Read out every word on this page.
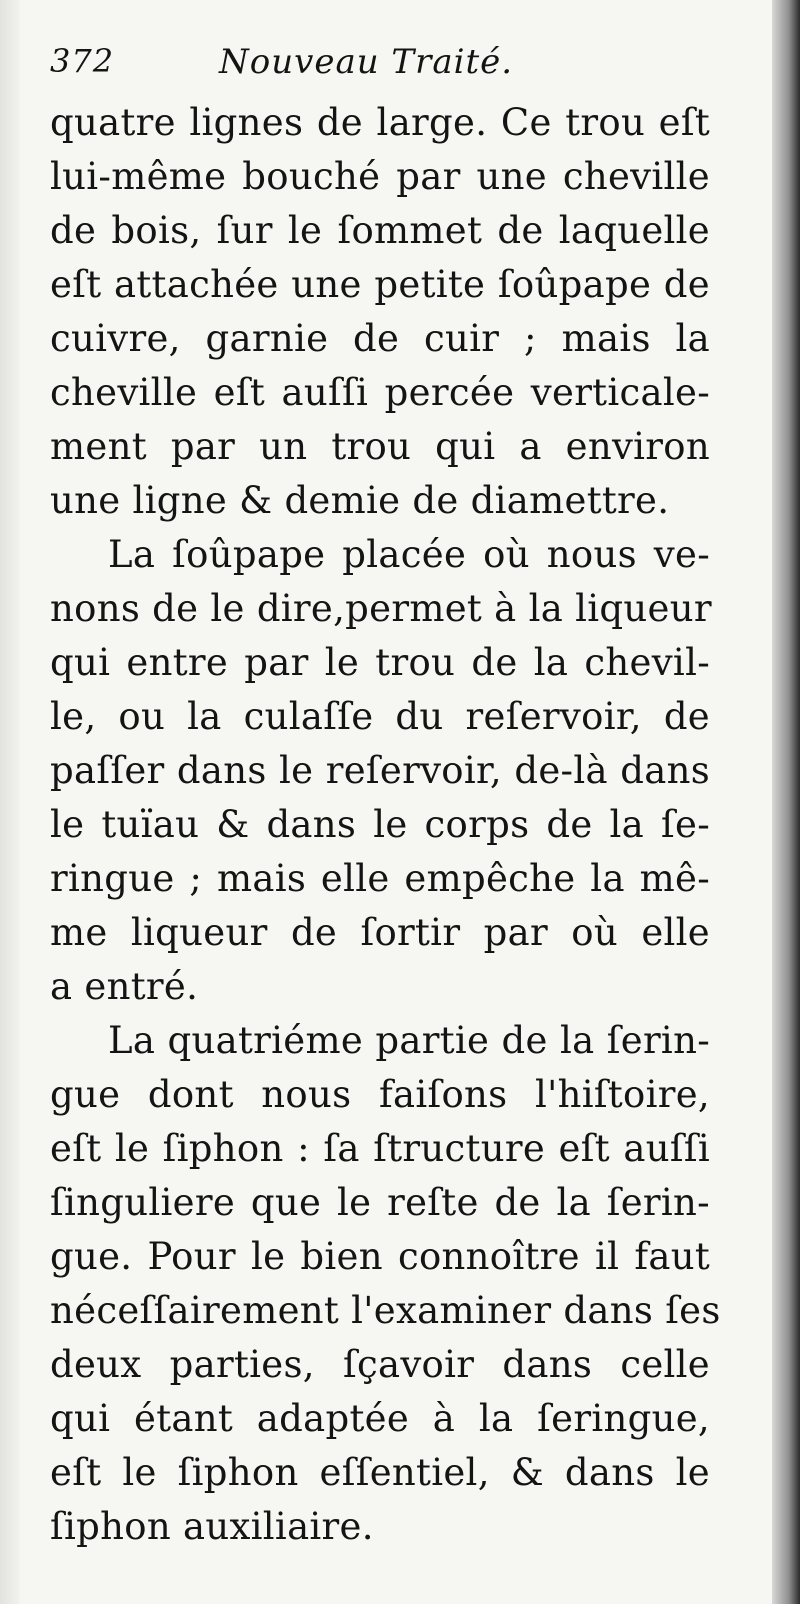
372	Nouveau Traité.
quatre lignes de large. Ce trou eſt
lui-même bouché par une cheville
de bois, ſur le ſommet de laquelle
eſt attachée une petite ſoûpape de
cuivre, garnie de cuir ; mais la
cheville eſt auſſi percée verticale-
ment par un trou qui a environ
une ligne & demie de diamettre.
La ſoûpape placée où nous ve-
nons de le dire,permet à la liqueur
qui entre par le trou de la chevil-
le, ou la culaſſe du reſervoir, de
paſſer dans le reſervoir, de-là dans
le tuïau & dans le corps de la ſe-
ringue ; mais elle empêche la mê-
me liqueur de ſortir par où elle
a entré.
La quatriéme partie de la ſerin-
gue dont nous faiſons l'hiſtoire,
eſt le ſiphon : ſa ſtructure eſt auſſi
ſinguliere que le reſte de la ſerin-
gue. Pour le bien connoître il faut
néceſſairement l'examiner dans ſes
deux parties, ſçavoir dans celle
qui étant adaptée à la ſeringue,
eſt le ſiphon eſſentiel, & dans le
ſiphon auxiliaire.
